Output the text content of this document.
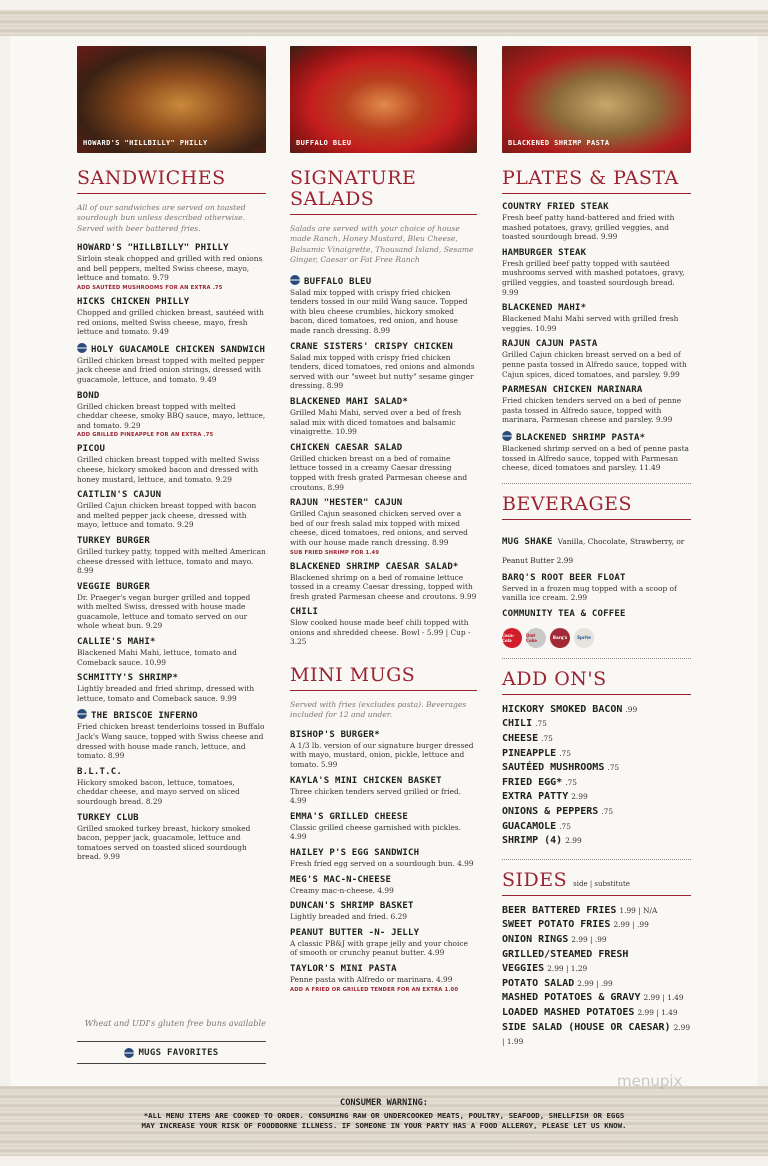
HOWARD'S "HILLBILLY" PHILLY
SANDWICHES
All of our sandwiches are served on toasted sourdough bun unless described otherwise. Served with beer battered fries.
HOWARD'S "HILLBILLY" PHILLY
Sirloin steak chopped and grilled with red onions and bell peppers, melted Swiss cheese, mayo, lettuce and tomato. 9.79
ADD SAUTÉED MUSHROOMS FOR AN EXTRA .75
HICKS CHICKEN PHILLY
Chopped and grilled chicken breast, sautéed with red onions, melted Swiss cheese, mayo, fresh lettuce and tomato. 9.49
HOLY GUACAMOLE CHICKEN SANDWICH
Grilled chicken breast topped with melted pepper jack cheese and fried onion strings, dressed with guacamole, lettuce, and tomato. 9.49
BOND
Grilled chicken breast topped with melted cheddar cheese, smoky BBQ sauce, mayo, lettuce, and tomato. 9.29
ADD GRILLED PINEAPPLE FOR AN EXTRA .75
PICOU
Grilled chicken breast topped with melted Swiss cheese, hickory smoked bacon and dressed with honey mustard, lettuce, and tomato. 9.29
CAITLIN'S CAJUN
Grilled Cajun chicken breast topped with bacon and melted pepper jack cheese, dressed with mayo, lettuce and tomato. 9.29
TURKEY BURGER
Grilled turkey patty, topped with melted American cheese dressed with lettuce, tomato and mayo. 8.99
VEGGIE BURGER
Dr. Praeger's vegan burger grilled and topped with melted Swiss, dressed with house made guacamole, lettuce and tomato served on our whole wheat bun. 9.29
CALLIE'S MAHI*
Blackened Mahi Mahi, lettuce, tomato and Comeback sauce. 10.99
SCHMITTY'S SHRIMP*
Lightly breaded and fried shrimp, dressed with lettuce, tomato and Comeback sauce. 9.99
THE BRISCOE INFERNO
Fried chicken breast tenderloins tossed in Buffalo Jack's Wang sauce, topped with Swiss cheese and dressed with house made ranch, lettuce, and tomato. 8.99
B.L.T.C.
Hickory smoked bacon, lettuce, tomatoes, cheddar cheese, and mayo served on sliced sourdough bread. 8.29
TURKEY CLUB
Grilled smoked turkey breast, hickory smoked bacon, pepper jack, guacamole, lettuce and tomatoes served on toasted sliced sourdough bread. 9.99
Wheat and UDI's gluten free buns available
MUGS FAVORITES
BUFFALO BLEU
SIGNATURE SALADS
Salads are served with your choice of house made Ranch, Honey Mustard, Bleu Cheese, Balsamic Vinaigrette, Thousand Island, Sesame Ginger, Caesar or Fat Free Ranch
BUFFALO BLEU
Salad mix topped with crispy fried chicken tenders tossed in our mild Wang sauce. Topped with bleu cheese crumbles, hickory smoked bacon, diced tomatoes, red onion, and house made ranch dressing. 8.99
CRANE SISTERS' CRISPY CHICKEN
Salad mix topped with crispy fried chicken tenders, diced tomatoes, red onions and almonds served with our "sweet but nutty" sesame ginger dressing. 8.99
BLACKENED MAHI SALAD*
Grilled Mahi Mahi, served over a bed of fresh salad mix with diced tomatoes and balsamic vinaigrette. 10.99
CHICKEN CAESAR SALAD
Grilled chicken breast on a bed of romaine lettuce tossed in a creamy Caesar dressing topped with fresh grated Parmesan cheese and croutons. 8.99
RAJUN "HESTER" CAJUN
Grilled Cajun seasoned chicken served over a bed of our fresh salad mix topped with mixed cheese, diced tomatoes, red onions, and served with our house made ranch dressing. 8.99
SUB FRIED SHRIMP FOR 1.49
BLACKENED SHRIMP CAESAR SALAD*
Blackened shrimp on a bed of romaine lettuce tossed in a creamy Caesar dressing, topped with fresh grated Parmesan cheese and croutons. 9.99
CHILI
Slow cooked house made beef chili topped with onions and shredded cheese. Bowl - 5.99 | Cup - 3.25
MINI MUGS
Served with fries (excludes pasta). Beverages included for 12 and under.
BISHOP'S BURGER*
A 1/3 lb. version of our signature burger dressed with mayo, mustard, onion, pickle, lettuce and tomato. 5.99
KAYLA'S MINI CHICKEN BASKET
Three chicken tenders served grilled or fried. 4.99
EMMA'S GRILLED CHEESE
Classic grilled cheese garnished with pickles. 4.99
HAILEY P'S EGG SANDWICH
Fresh fried egg served on a sourdough bun. 4.99
MEG'S MAC-N-CHEESE
Creamy mac-n-cheese. 4.99
DUNCAN'S SHRIMP BASKET
Lightly breaded and fried. 6.29
PEANUT BUTTER -N- JELLY
A classic PB&J with grape jelly and your choice of smooth or crunchy peanut butter. 4.99
TAYLOR'S MINI PASTA
Penne pasta with Alfredo or marinara. 4.99
ADD A FRIED OR GRILLED TENDER FOR AN EXTRA 1.00
BLACKENED SHRIMP PASTA
PLATES & PASTA
COUNTRY FRIED STEAK
Fresh beef patty hand-battered and fried with mashed potatoes, gravy, grilled veggies, and toasted sourdough bread. 9.99
HAMBURGER STEAK
Fresh grilled beef patty topped with sautéed mushrooms served with mashed potatoes, gravy, grilled veggies, and toasted sourdough bread. 9.99
BLACKENED MAHI*
Blackened Mahi Mahi served with grilled fresh veggies. 10.99
RAJUN CAJUN PASTA
Grilled Cajun chicken breast served on a bed of penne pasta tossed in Alfredo sauce, topped with Cajun spices, diced tomatoes, and parsley. 9.99
PARMESAN CHICKEN MARINARA
Fried chicken tenders served on a bed of penne pasta tossed in Alfredo sauce, topped with marinara, Parmesan cheese and parsley. 9.99
BLACKENED SHRIMP PASTA*
Blackened shrimp served on a bed of penne pasta tossed in Alfredo sauce, topped with Parmesan cheese, diced tomatoes and parsley. 11.49
BEVERAGES
MUG SHAKE Vanilla, Chocolate, Strawberry, or Peanut Butter 2.99
BARQ'S ROOT BEER FLOAT
Served in a frozen mug topped with a scoop of vanilla ice cream. 2.99
COMMUNITY TEA & COFFEE
Coca-Cola
Diet Coke	Barq's	Sprite
ADD ON'S
HICKORY SMOKED BACON .99
CHILI .75
CHEESE .75
PINEAPPLE .75
SAUTÉED MUSHROOMS .75
FRIED EGG* .75
EXTRA PATTY 2.99
ONIONS & PEPPERS .75
GUACAMOLE .75
SHRIMP (4) 2.99
SIDES side | substitute
BEER BATTERED FRIES 1.99 | N/A
SWEET POTATO FRIES 2.99 | .99
ONION RINGS 2.99 | .99
GRILLED/STEAMED FRESH VEGGIES 2.99 | 1.29
POTATO SALAD 2.99 | .99
MASHED POTATOES & GRAVY 2.99 | 1.49
LOADED MASHED POTATOES 2.99 | 1.49
SIDE SALAD (HOUSE OR CAESAR) 2.99 | 1.99
menupix
CONSUMER WARNING:
*ALL MENU ITEMS ARE COOKED TO ORDER. CONSUMING RAW OR UNDERCOOKED MEATS, POULTRY, SEAFOOD, SHELLFISH OR EGGS MAY INCREASE YOUR RISK OF FOODBORNE ILLNESS. IF SOMEONE IN YOUR PARTY HAS A FOOD ALLERGY, PLEASE LET US KNOW.
